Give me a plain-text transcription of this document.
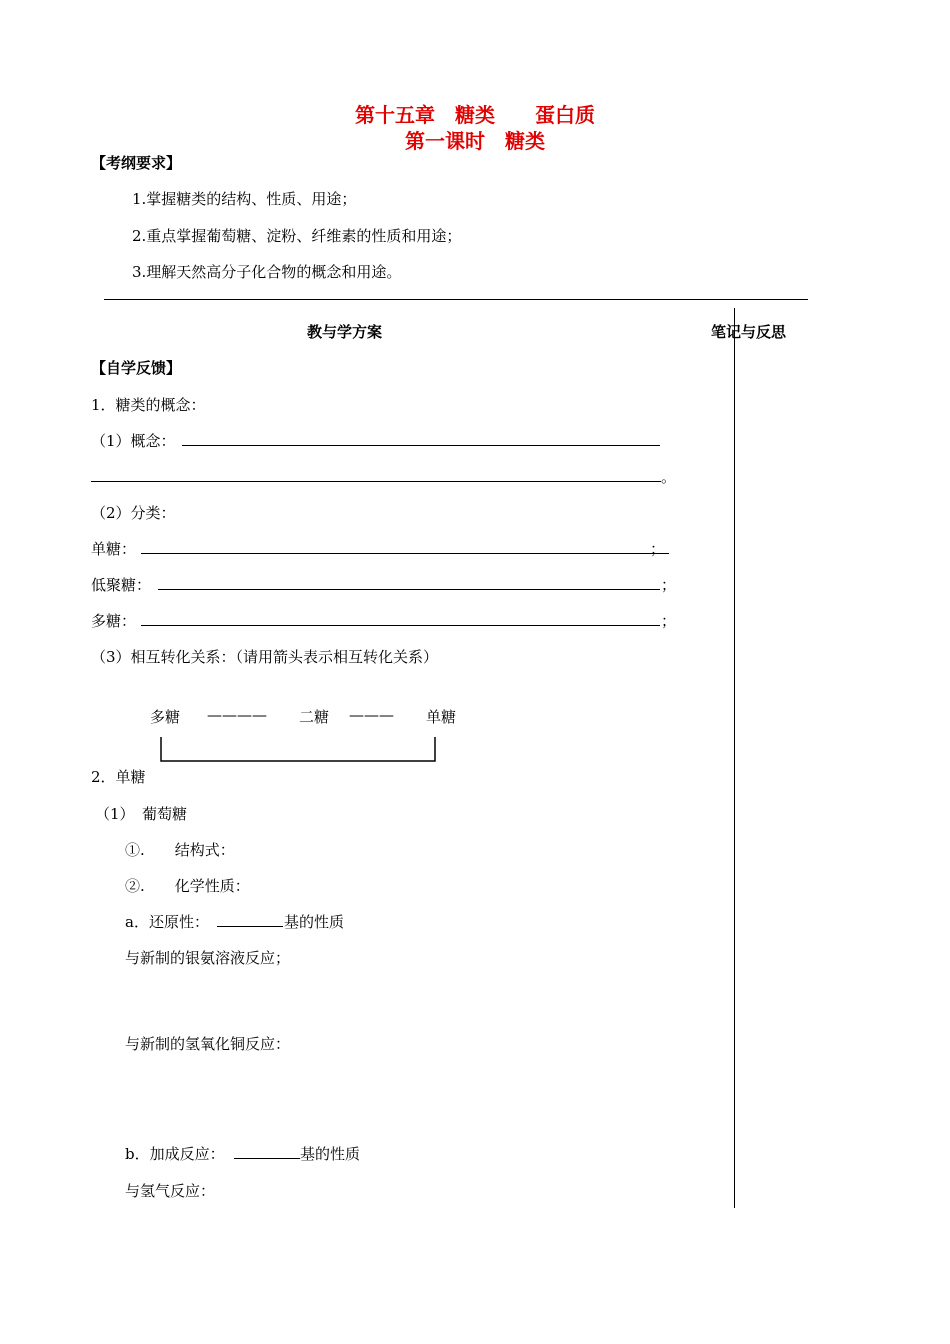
第十五章　糖类　　蛋白质
第一课时　糖类
【考纲要求】
1.掌握糖类的结构、性质、用途；
2.重点掌握葡萄糖、淀粉、纤维素的性质和用途；
3.理解天然高分子化合物的概念和用途。
教与学方案	笔记与反思
【自学反馈】
1．糖类的概念：
（1）概念：
。
（2）分类：
单糖：	；
低聚糖：	；
多糖：	；
（3）相互转化关系：（请用箭头表示相互转化关系）
多糖 ———— 二糖 ——— 单糖
2．单糖
（1）　葡萄糖
①.　　结构式：
②.　　化学性质：
a．还原性：	基的性质
与新制的银氨溶液反应；
与新制的氢氧化铜反应：
b．加成反应：	基的性质
与氢气反应：
